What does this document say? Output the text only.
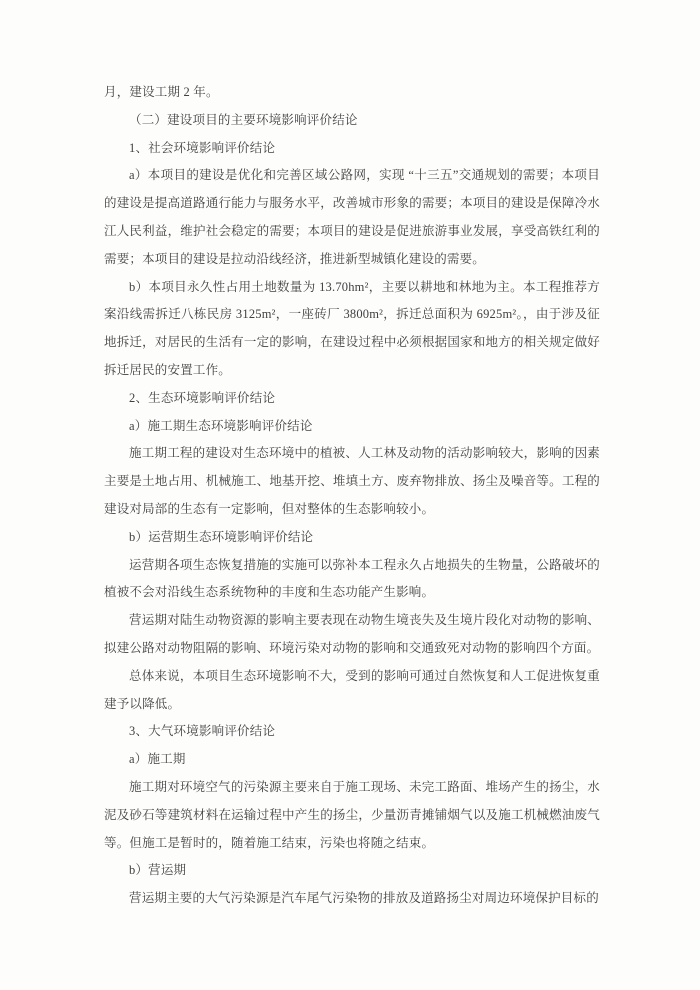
月，建设工期 2 年。

（二）建设项目的主要环境影响评价结论

1、社会环境影响评价结论

a）本项目的建设是优化和完善区域公路网，实现 “十三五”交通规划的需要；本项目的建设是提高道路通行能力与服务水平，改善城市形象的需要；本项目的建设是保障冷水江人民利益，维护社会稳定的需要；本项目的建设是促进旅游事业发展，享受高铁红利的需要；本项目的建设是拉动沿线经济，推进新型城镇化建设的需要。

b）本项目永久性占用土地数量为 13.70hm²，主要以耕地和林地为主。本工程推荐方案沿线需拆迁八栋民房 3125m²，一座砖厂 3800m²，拆迁总面积为 6925m²。，由于涉及征地拆迁，对居民的生活有一定的影响，在建设过程中必须根据国家和地方的相关规定做好拆迁居民的安置工作。

2、生态环境影响评价结论

a）施工期生态环境影响评价结论

施工期工程的建设对生态环境中的植被、人工林及动物的活动影响较大，影响的因素主要是土地占用、机械施工、地基开挖、堆填土方、废弃物排放、扬尘及噪音等。工程的建设对局部的生态有一定影响，但对整体的生态影响较小。

b）运营期生态环境影响评价结论

运营期各项生态恢复措施的实施可以弥补本工程永久占地损失的生物量，公路破坏的植被不会对沿线生态系统物种的丰度和生态功能产生影响。

营运期对陆生动物资源的影响主要表现在动物生境丧失及生境片段化对动物的影响、拟建公路对动物阻隔的影响、环境污染对动物的影响和交通致死对动物的影响四个方面。

总体来说，本项目生态环境影响不大，受到的影响可通过自然恢复和人工促进恢复重建予以降低。

3、大气环境影响评价结论

a）施工期

施工期对环境空气的污染源主要来自于施工现场、未完工路面、堆场产生的扬尘，水泥及砂石等建筑材料在运输过程中产生的扬尘，少量沥青摊铺烟气以及施工机械燃油废气等。但施工是暂时的，随着施工结束，污染也将随之结束。

b）营运期

营运期主要的大气污染源是汽车尾气污染物的排放及道路扬尘对周边环境保护目标的
